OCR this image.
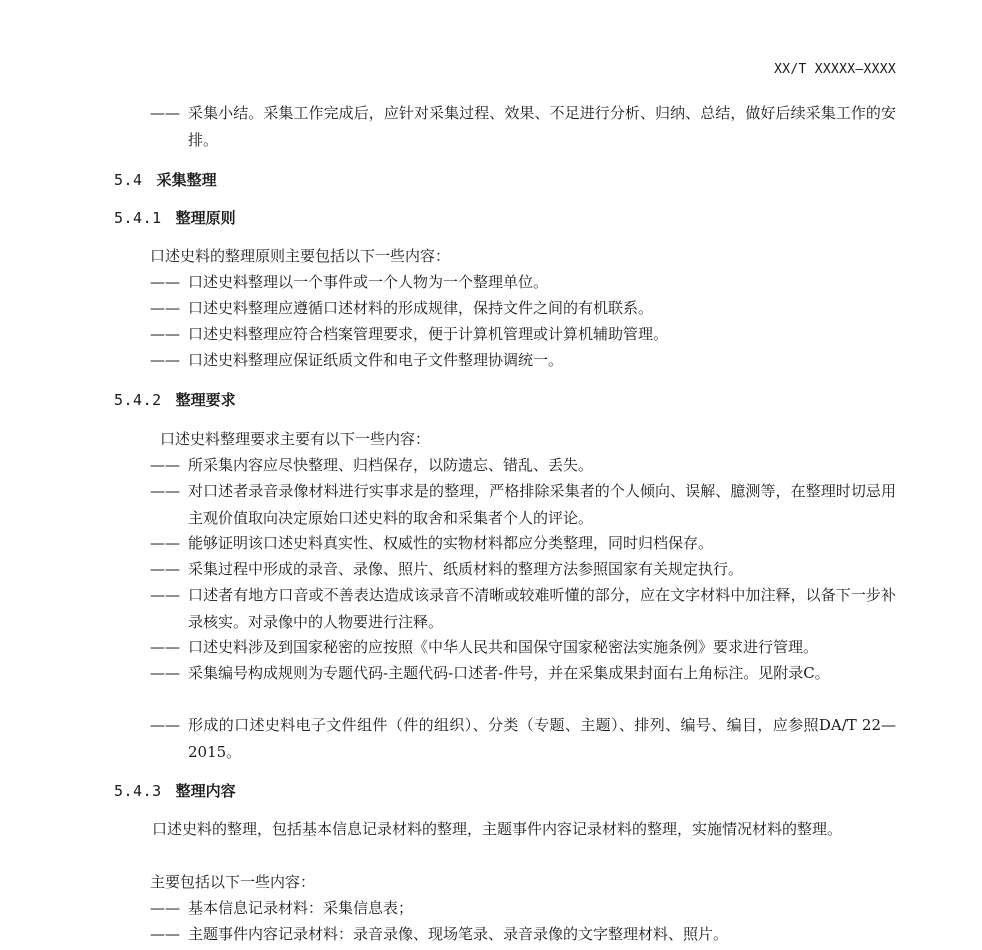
XX/T XXXXX—XXXX
—— 采集小结。采集工作完成后，应针对采集过程、效果、不足进行分析、归纳、总结，做好后续采集工作的安排。
5.4 采集整理
5.4.1 整理原则
口述史料的整理原则主要包括以下一些内容：
—— 口述史料整理以一个事件或一个人物为一个整理单位。
—— 口述史料整理应遵循口述材料的形成规律，保持文件之间的有机联系。
—— 口述史料整理应符合档案管理要求，便于计算机管理或计算机辅助管理。
—— 口述史料整理应保证纸质文件和电子文件整理协调统一。
5.4.2 整理要求
口述史料整理要求主要有以下一些内容：
—— 所采集内容应尽快整理、归档保存，以防遗忘、错乱、丢失。
—— 对口述者录音录像材料进行实事求是的整理，严格排除采集者的个人倾向、误解、臆测等，在整理时切忌用主观价值取向决定原始口述史料的取舍和采集者个人的评论。
—— 能够证明该口述史料真实性、权威性的实物材料都应分类整理，同时归档保存。
—— 采集过程中形成的录音、录像、照片、纸质材料的整理方法参照国家有关规定执行。
—— 口述者有地方口音或不善表达造成该录音不清晰或较难听懂的部分，应在文字材料中加注释，以备下一步补录核实。对录像中的人物要进行注释。
—— 口述史料涉及到国家秘密的应按照《中华人民共和国保守国家秘密法实施条例》要求进行管理。
—— 采集编号构成规则为专题代码-主题代码-口述者-件号，并在采集成果封面右上角标注。见附录C。
—— 形成的口述史料电子文件组件（件的组织）、分类（专题、主题）、排列、编号、编目，应参照DA/T 22—2015。
5.4.3 整理内容
口述史料的整理，包括基本信息记录材料的整理，主题事件内容记录材料的整理，实施情况材料的整理。
主要包括以下一些内容：
—— 基本信息记录材料：采集信息表；
—— 主题事件内容记录材料：录音录像、现场笔录、录音录像的文字整理材料、照片。
